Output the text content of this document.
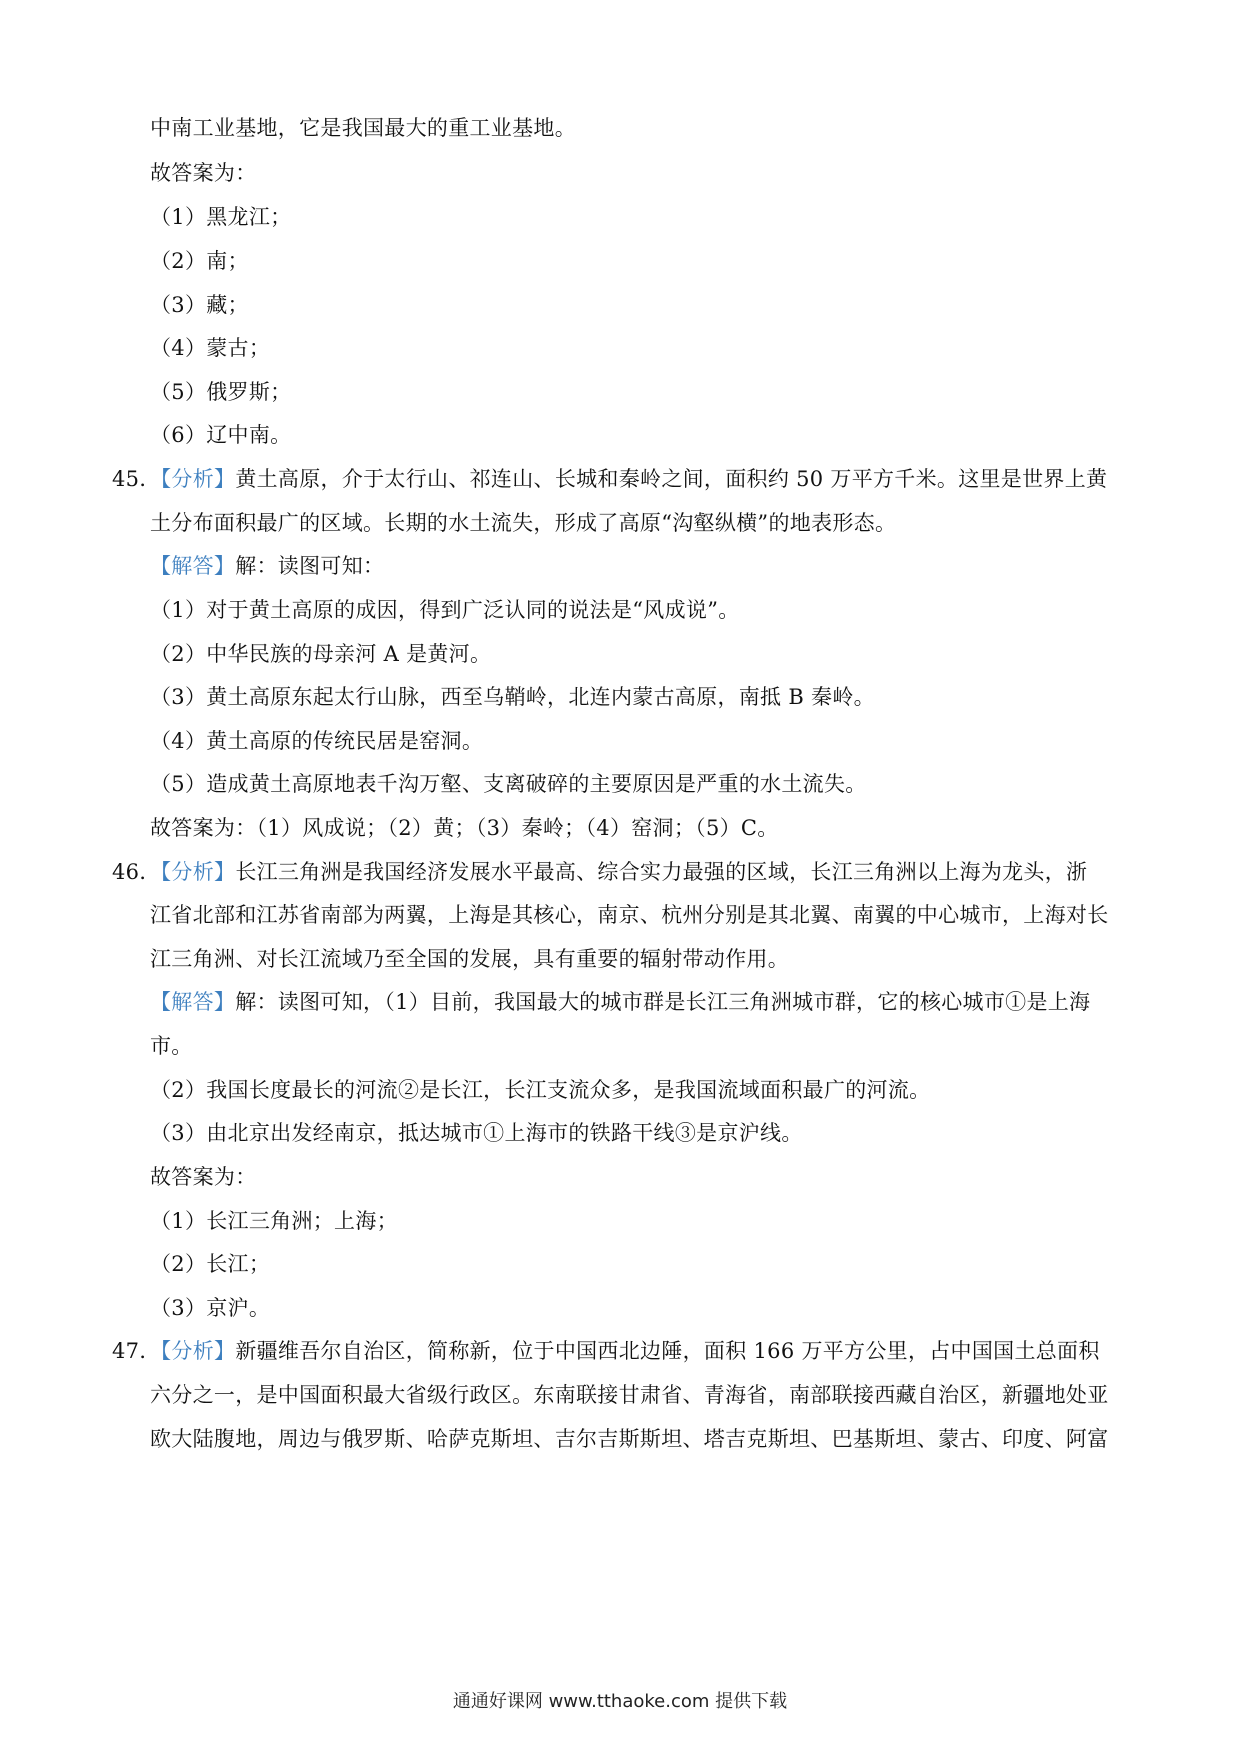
中南工业基地，它是我国最大的重工业基地。
故答案为：
（1）黑龙江；
（2）南；
（3）藏；
（4）蒙古；
（5）俄罗斯；
（6）辽中南。
45．【分析】黄土高原，介于太行山、祁连山、长城和秦岭之间，面积约 50 万平方千米。这里是世界上黄
土分布面积最广的区域。长期的水土流失，形成了高原“沟壑纵横”的地表形态。
【解答】解：读图可知：
（1）对于黄土高原的成因，得到广泛认同的说法是“风成说”。
（2）中华民族的母亲河 A 是黄河。
（3）黄土高原东起太行山脉，西至乌鞘岭，北连内蒙古高原，南抵 B 秦岭。
（4）黄土高原的传统民居是窑洞。
（5）造成黄土高原地表千沟万壑、支离破碎的主要原因是严重的水土流失。
故答案为：（1）风成说；（2）黄；（3）秦岭；（4）窑洞；（5）C。
46．【分析】长江三角洲是我国经济发展水平最高、综合实力最强的区域，长江三角洲以上海为龙头，浙
江省北部和江苏省南部为两翼，上海是其核心，南京、杭州分别是其北翼、南翼的中心城市，上海对长
江三角洲、对长江流域乃至全国的发展，具有重要的辐射带动作用。
【解答】解：读图可知，（1）目前，我国最大的城市群是长江三角洲城市群，它的核心城市①是上海
市。
（2）我国长度最长的河流②是长江，长江支流众多，是我国流域面积最广的河流。
（3）由北京出发经南京，抵达城市①上海市的铁路干线③是京沪线。
故答案为：
（1）长江三角洲；上海；
（2）长江；
（3）京沪。
47．【分析】新疆维吾尔自治区，简称新，位于中国西北边陲，面积 166 万平方公里，占中国国土总面积
六分之一，是中国面积最大省级行政区。东南联接甘肃省、青海省，南部联接西藏自治区，新疆地处亚
欧大陆腹地，周边与俄罗斯、哈萨克斯坦、吉尔吉斯斯坦、塔吉克斯坦、巴基斯坦、蒙古、印度、阿富
通通好课网 www.tthaoke.com 提供下载
